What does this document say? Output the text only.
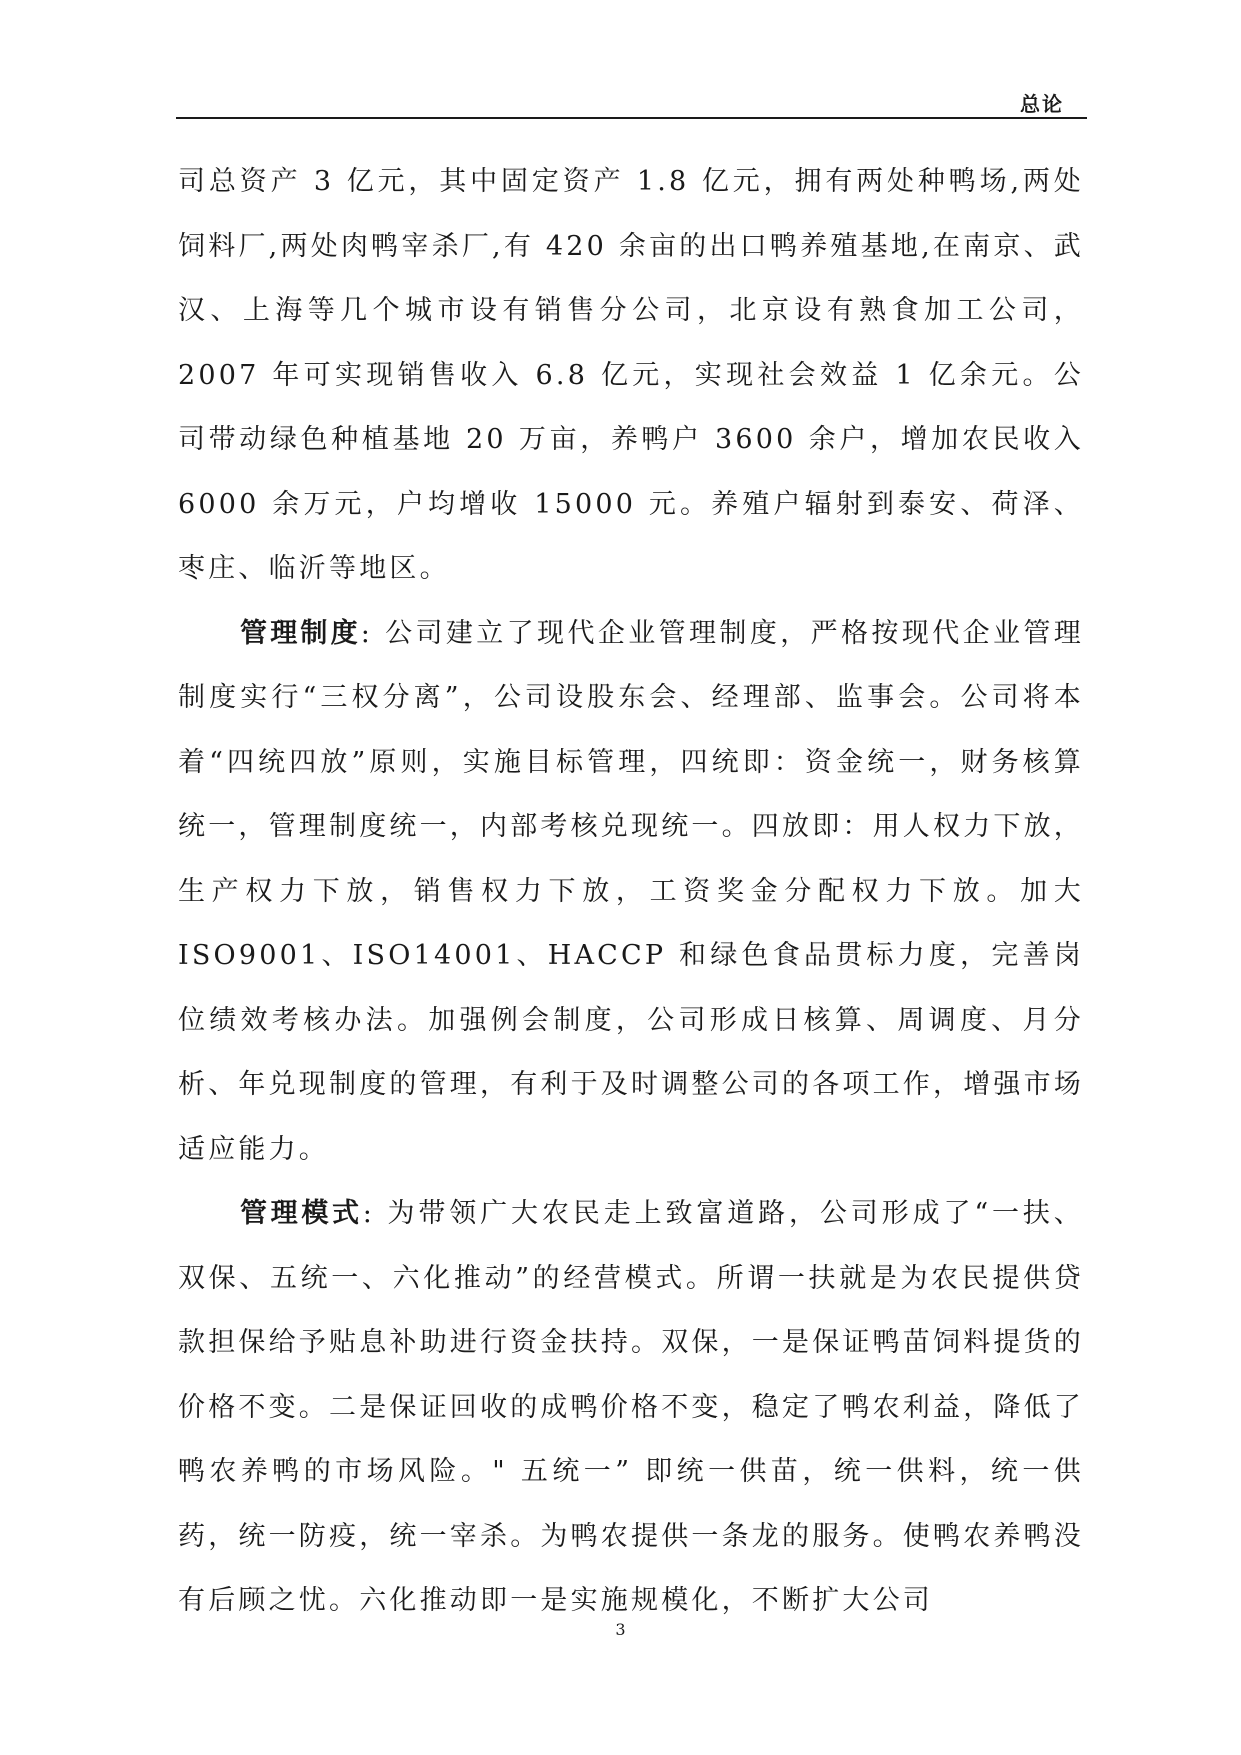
总论

司总资产 3 亿元，其中固定资产 1.8 亿元，拥有两处种鸭场,两处饲料厂,两处肉鸭宰杀厂,有 420 余亩的出口鸭养殖基地,在南京、武汉、上海等几个城市设有销售分公司，北京设有熟食加工公司，2007 年可实现销售收入 6.8 亿元，实现社会效益 1 亿余元。公司带动绿色种植基地 20 万亩，养鸭户 3600 余户，增加农民收入 6000 余万元，户均增收 15000 元。养殖户辐射到泰安、荷泽、枣庄、临沂等地区。

管理制度: 公司建立了现代企业管理制度，严格按现代企业管理制度实行“三权分离”，公司设股东会、经理部、监事会。公司将本着“四统四放”原则，实施目标管理，四统即：资金统一，财务核算统一，管理制度统一，内部考核兑现统一。四放即：用人权力下放，生产权力下放，销售权力下放，工资奖金分配权力下放。加大 ISO9001、ISO14001、HACCP 和绿色食品贯标力度，完善岗位绩效考核办法。加强例会制度，公司形成日核算、周调度、月分析、年兑现制度的管理，有利于及时调整公司的各项工作，增强市场适应能力。

管理模式: 为带领广大农民走上致富道路，公司形成了“一扶、双保、五统一、六化推动”的经营模式。所谓一扶就是为农民提供贷款担保给予贴息补助进行资金扶持。双保，一是保证鸭苗饲料提货的价格不变。二是保证回收的成鸭价格不变，稳定了鸭农利益，降低了鸭农养鸭的市场风险。" 五统一” 即统一供苗，统一供料，统一供药，统一防疫，统一宰杀。为鸭农提供一条龙的服务。使鸭农养鸭没有后顾之忧。六化推动即一是实施规模化，不断扩大公司

3
